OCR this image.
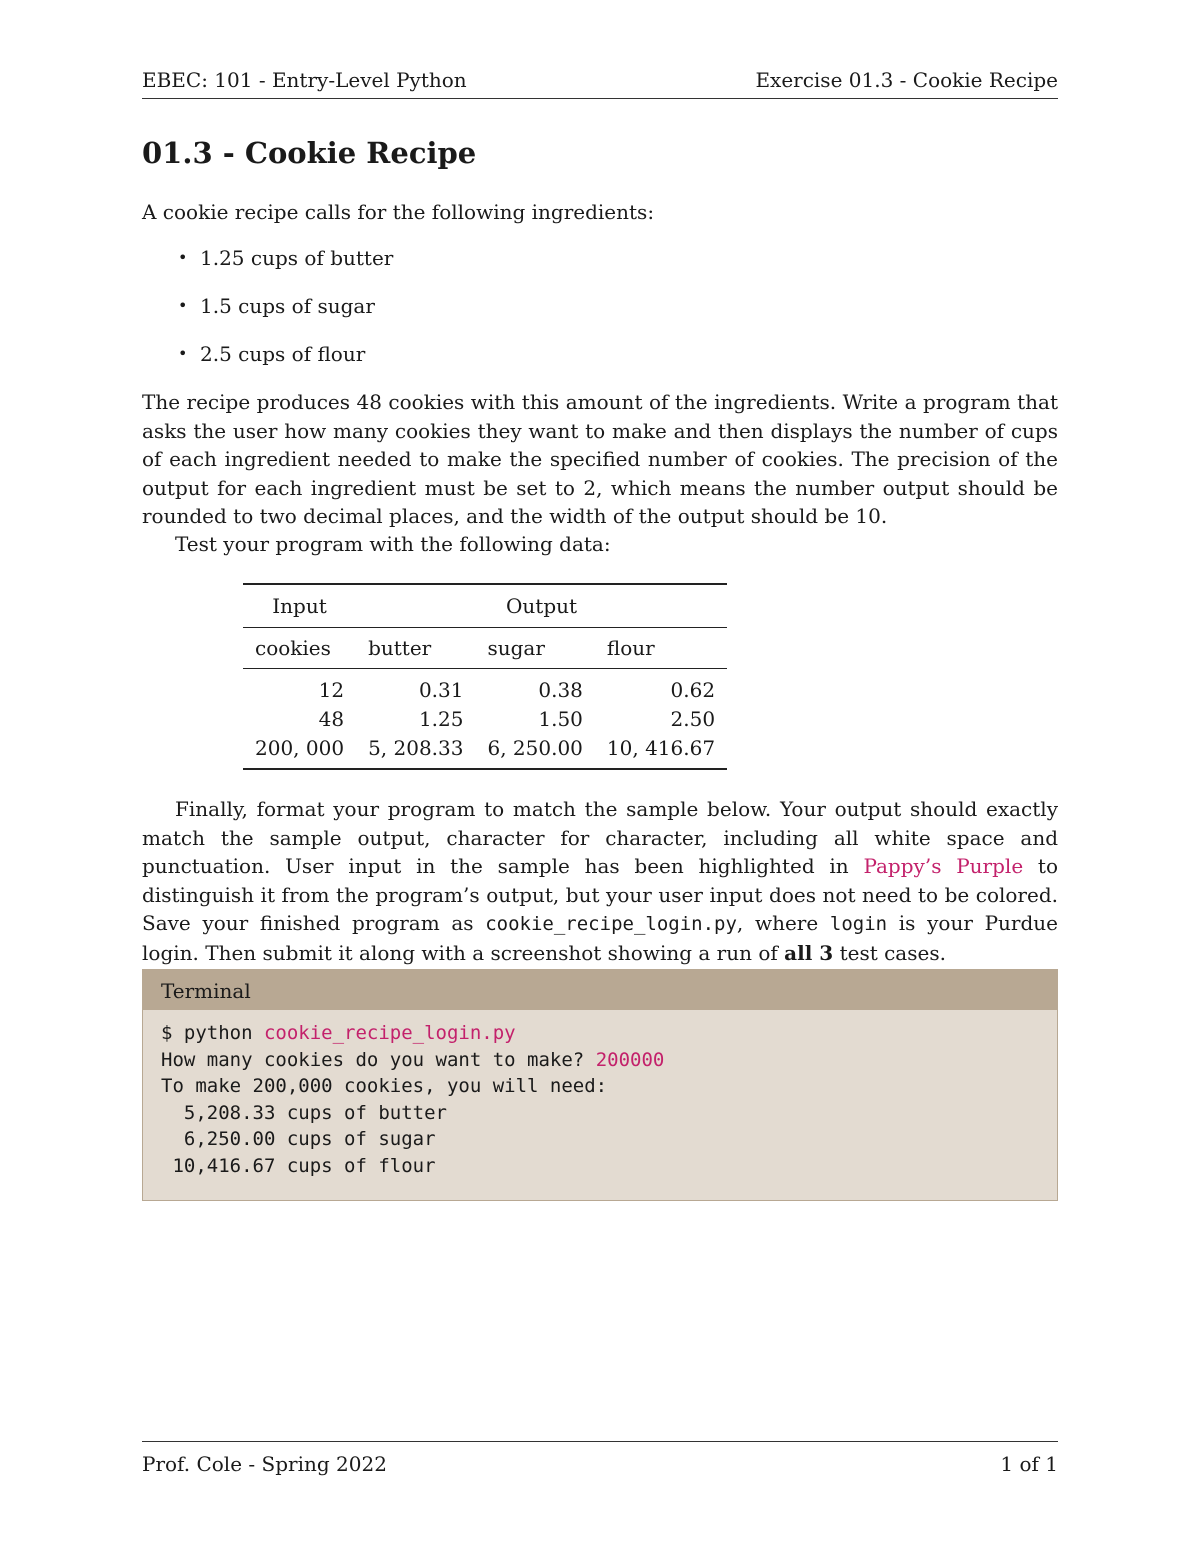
EBEC: 101 - Entry-Level Python	Exercise 01.3 - Cookie Recipe
01.3 - Cookie Recipe

A cookie recipe calls for the following ingredients:

• 1.25 cups of butter
• 1.5 cups of sugar
• 2.5 cups of flour

The recipe produces 48 cookies with this amount of the ingredients. Write a program that asks the user how many cookies they want to make and then displays the number of cups of each ingredient needed to make the specified number of cookies. The precision of the output for each ingredient must be set to 2, which means the number output should be rounded to two decimal places, and the width of the output should be 10.

Test your program with the following data:

Input	Output		
cookies	butter	sugar	flour
12	0.31	0.38	0.62
48	1.25	1.50	2.50
200, 000	5, 208.33	6, 250.00	10, 416.67

Finally, format your program to match the sample below. Your output should exactly match the sample output, character for character, including all white space and punctuation. User input in the sample has been highlighted in Pappy’s Purple to distinguish it from the program’s output, but your user input does not need to be colored. Save your finished program as cookie_recipe_login.py, where login is your Purdue login. Then submit it along with a screenshot showing a run of all 3 test cases.

Terminal
$ python cookie_recipe_login.py
How many cookies do you want to make? 200000
To make 200,000 cookies, you will need:
5,208.33 cups of butter
6,250.00 cups of sugar
10,416.67 cups of flour
Prof. Cole - Spring 2022	1 of 1
